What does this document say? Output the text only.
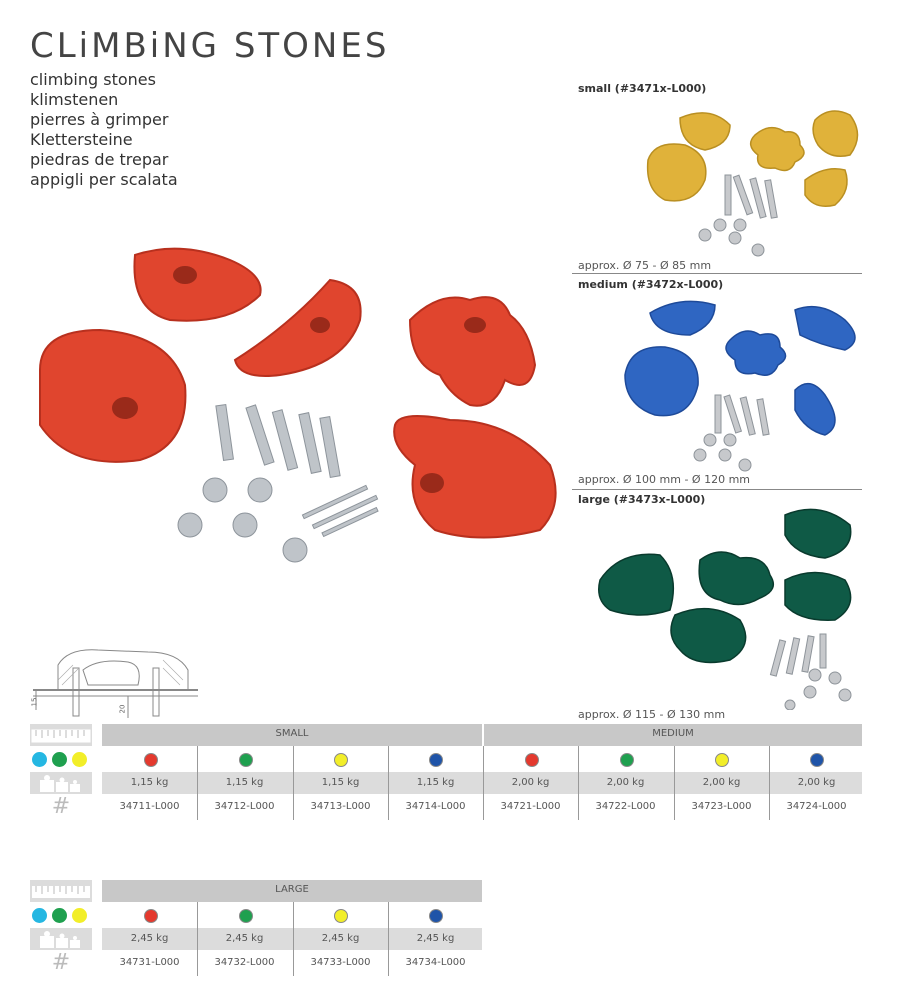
CLiMBiNG STONES
climbing stones
klimstenen
pierres à grimper
Klettersteine
piedras de trepar
appigli per scalata
small (#3471x-L000)
approx. Ø 75 - Ø 85 mm
medium (#3472x-L000)
approx. Ø 100 mm - Ø 120 mm
large (#3473x-L000)
approx. Ø 115 - Ø 130 mm
15
20
#
SMALL	MEDIUM
1,15 kg
34711-L000
1,15 kg
34712-L000
1,15 kg
34713-L000
1,15 kg
34714-L000
2,00 kg
34721-L000
2,00 kg
34722-L000
2,00 kg
34723-L000
2,00 kg
34724-L000
#
LARGE
2,45 kg
34731-L000
2,45 kg
34732-L000
2,45 kg
34733-L000
2,45 kg
34734-L000
